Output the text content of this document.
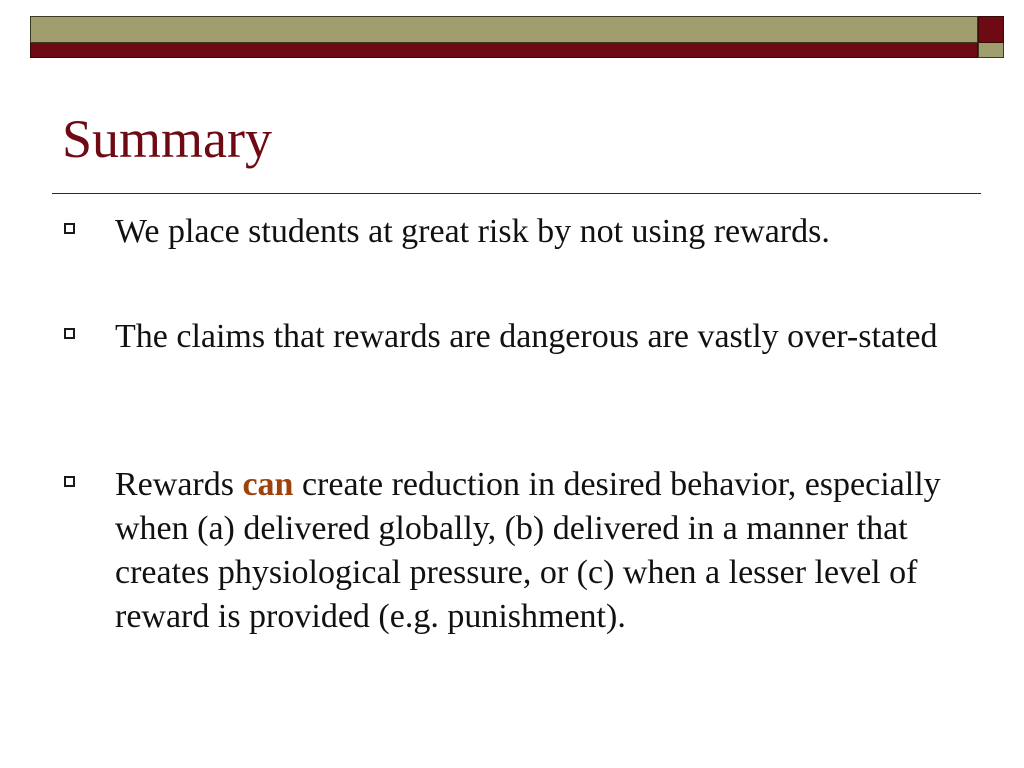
Summary
We place students at great risk by not using rewards.
The claims that rewards are dangerous are vastly over-stated
Rewards can create reduction in desired behavior, especially when (a) delivered globally, (b) delivered in a manner that creates physiological pressure, or (c) when a lesser level of reward is provided (e.g. punishment).
